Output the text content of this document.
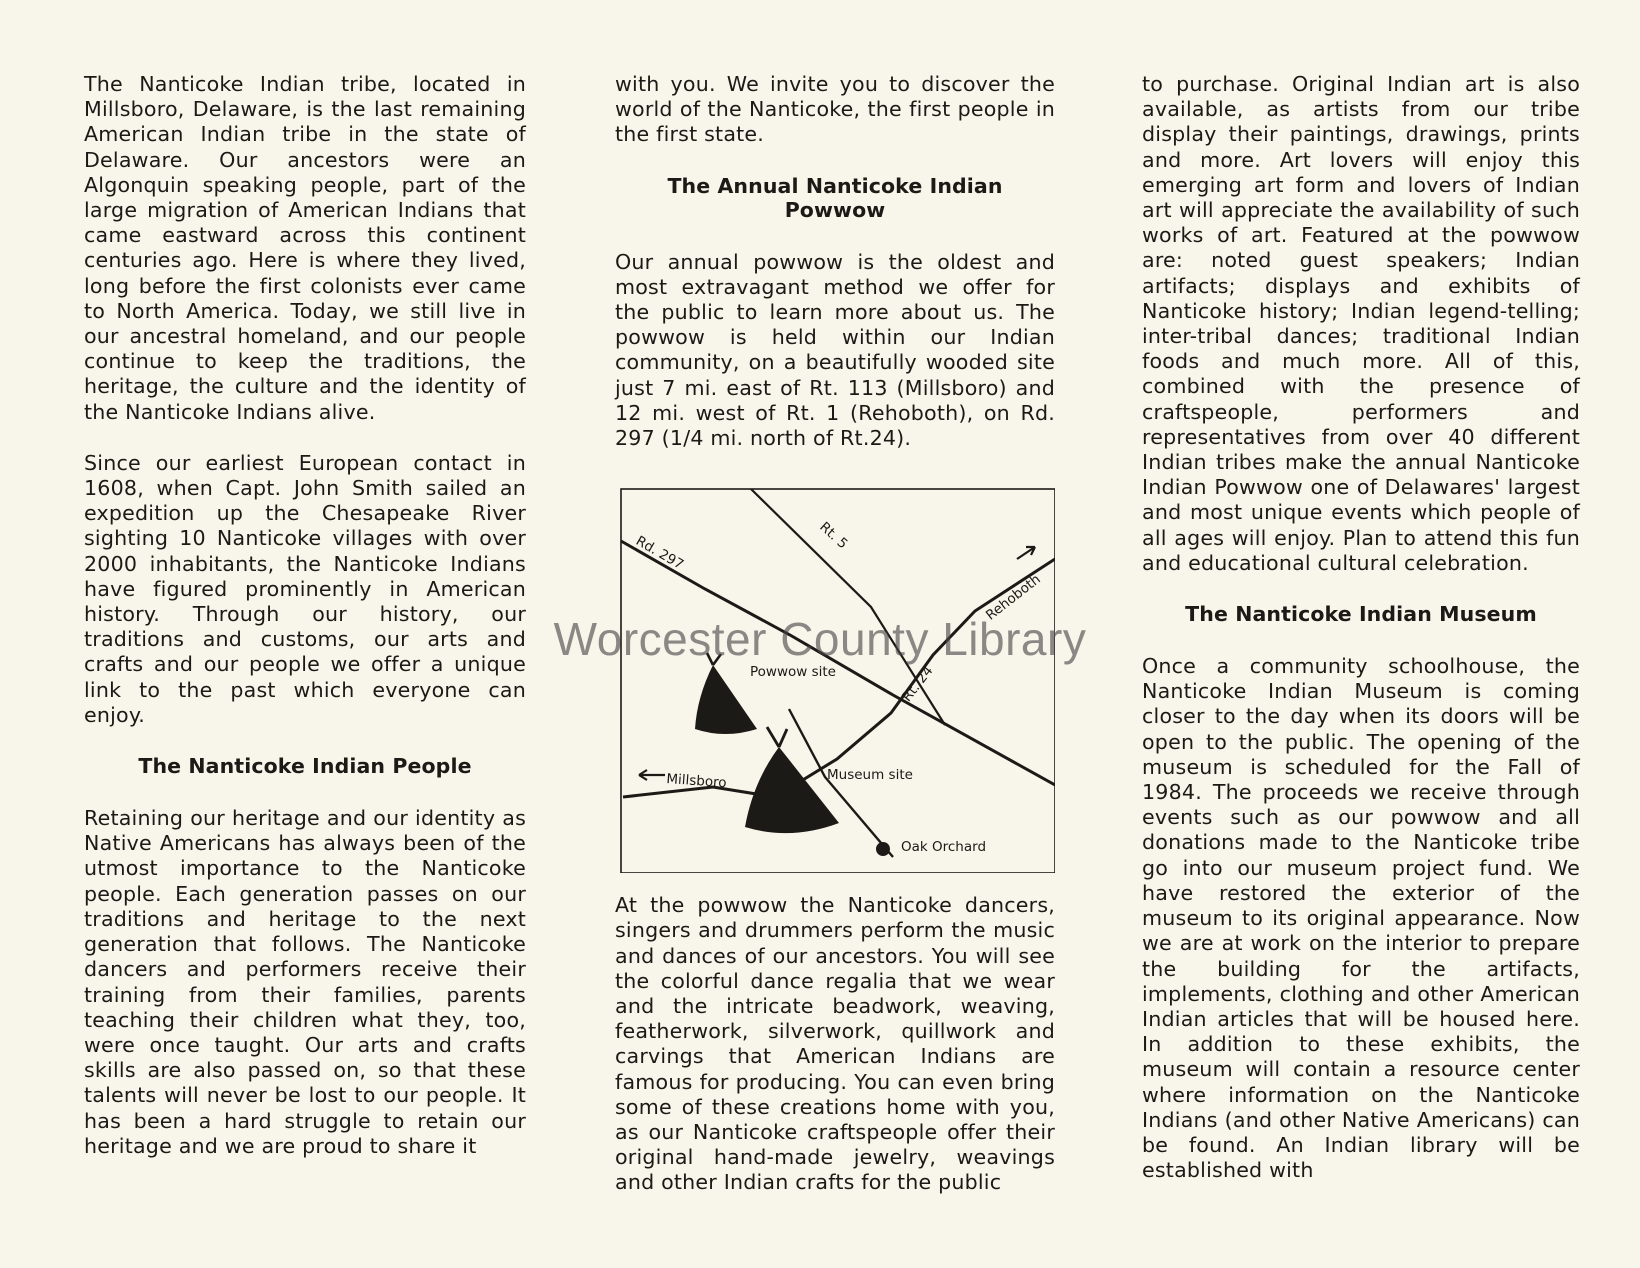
The Nanticoke Indian tribe, located in Millsboro, Delaware, is the last remaining American Indian tribe in the state of Delaware. Our ancestors were an Algonquin speaking people, part of the large migration of American Indians that came eastward across this continent centuries ago. Here is where they lived, long before the first colonists ever came to North America. Today, we still live in our ancestral homeland, and our people continue to keep the traditions, the heritage, the culture and the identity of the Nanticoke Indians alive.

Since our earliest European contact in 1608, when Capt. John Smith sailed an expedition up the Chesapeake River sighting 10 Nanticoke villages with over 2000 inhabitants, the Nanticoke Indians have figured prominently in American history. Through our history, our traditions and customs, our arts and crafts and our people we offer a unique link to the past which everyone can enjoy.

The Nanticoke Indian People

Retaining our heritage and our identity as Native Americans has always been of the utmost importance to the Nanticoke people. Each generation passes on our traditions and heritage to the next generation that follows. The Nanticoke dancers and performers receive their training from their families, parents teaching their children what they, too, were once taught. Our arts and crafts skills are also passed on, so that these talents will never be lost to our people. It has been a hard struggle to retain our heritage and we are proud to share it

with you. We invite you to discover the world of the Nanticoke, the first people in the first state.

The Annual Nanticoke Indian Powwow

Our annual powwow is the oldest and most extravagant method we offer for the public to learn more about us. The powwow is held within our Indian community, on a beautifully wooded site just 7 mi. east of Rt. 113 (Millsboro) and 12 mi. west of Rt. 1 (Rehoboth), on Rd. 297 (1/4 mi. north of Rt.24).

Rd. 297	Rt. 5
Rehoboth
Rt. 24
Powwow site
Millsboro	Museum site
Oak Orchard

At the powwow the Nanticoke dancers, singers and drummers perform the music and dances of our ancestors. You will see the colorful dance regalia that we wear and the intricate beadwork, weaving, featherwork, silverwork, quillwork and carvings that American Indians are famous for producing. You can even bring some of these creations home with you, as our Nanticoke craftspeople offer their original hand-made jewelry, weavings and other Indian crafts for the public

to purchase. Original Indian art is also available, as artists from our tribe display their paintings, drawings, prints and more. Art lovers will enjoy this emerging art form and lovers of Indian art will appreciate the availability of such works of art. Featured at the powwow are: noted guest speakers; Indian artifacts; displays and exhibits of Nanticoke history; Indian legend-telling; inter-tribal dances; traditional Indian foods and much more. All of this, combined with the presence of craftspeople, performers and representatives from over 40 different Indian tribes make the annual Nanticoke Indian Powwow one of Delawares' largest and most unique events which people of all ages will enjoy. Plan to attend this fun and educational cultural celebration.

The Nanticoke Indian Museum

Once a community schoolhouse, the Nanticoke Indian Museum is coming closer to the day when its doors will be open to the public. The opening of the museum is scheduled for the Fall of 1984. The proceeds we receive through events such as our powwow and all donations made to the Nanticoke tribe go into our museum project fund. We have restored the exterior of the museum to its original appearance. Now we are at work on the interior to prepare the building for the artifacts, implements, clothing and other American Indian articles that will be housed here. In addition to these exhibits, the museum will contain a resource center where information on the Nanticoke Indians (and other Native Americans) can be found. An Indian library will be established with

Worcester County Library
